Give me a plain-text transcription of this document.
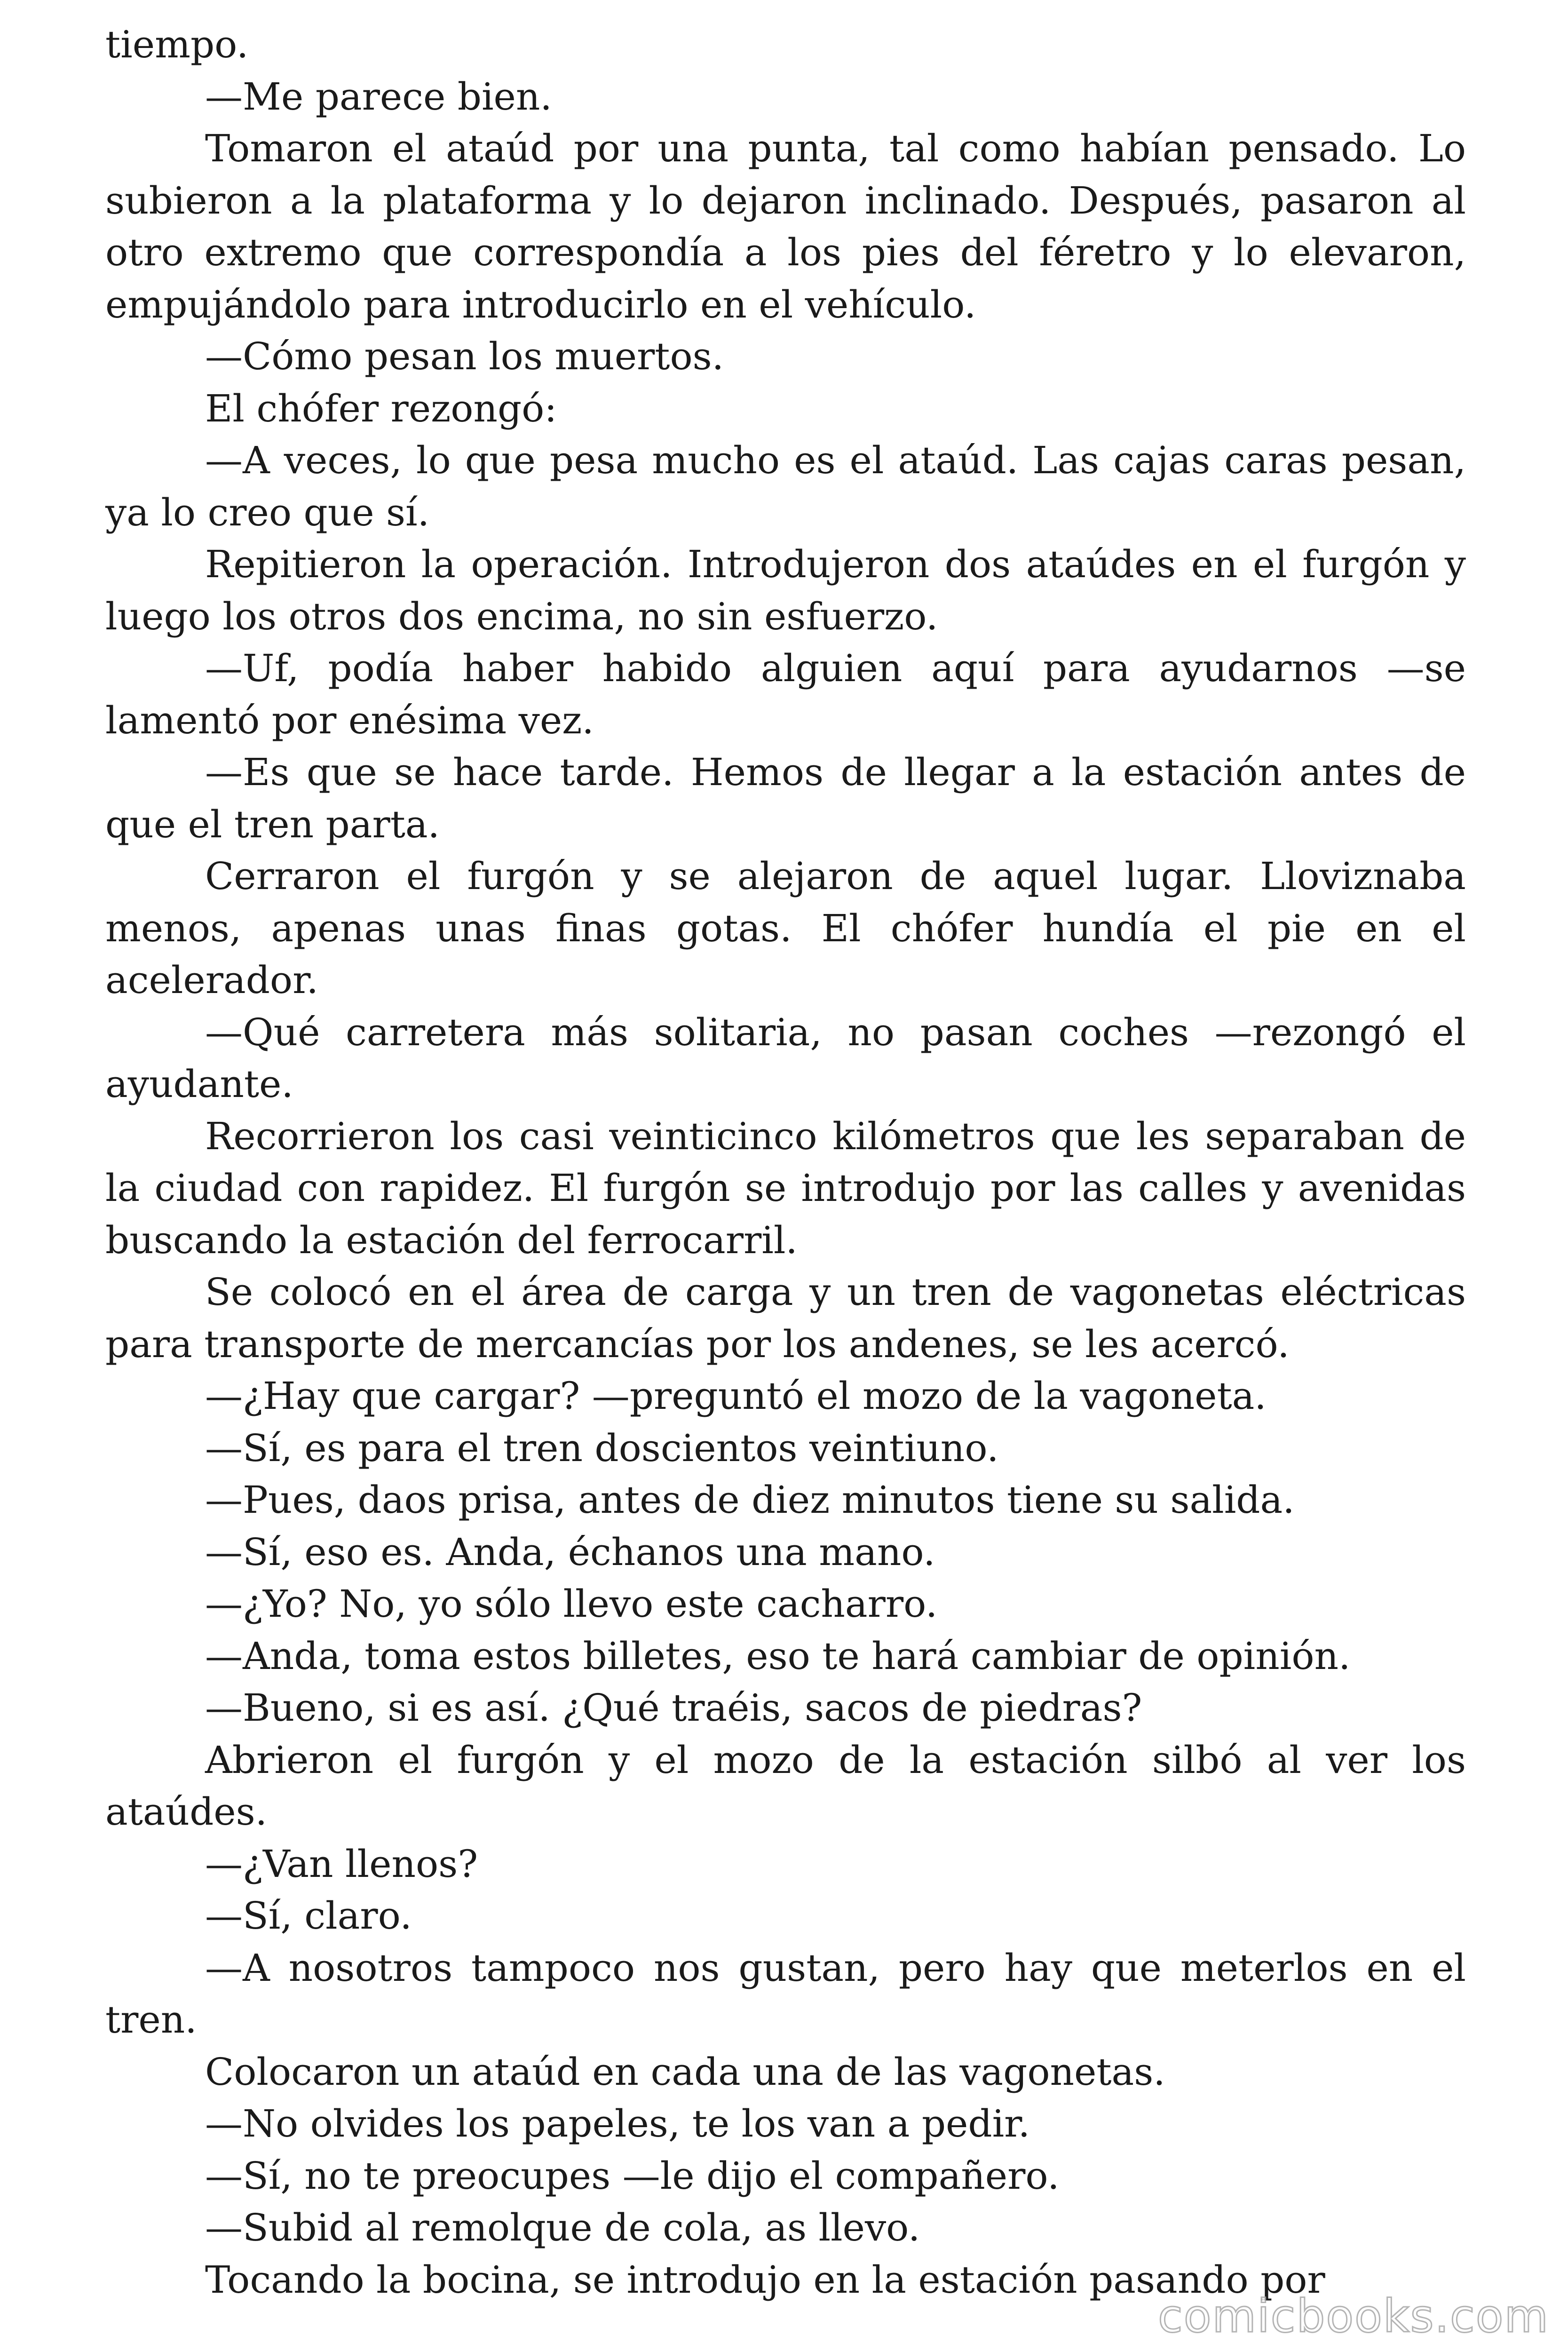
tiempo.

—Me parece bien.

Tomaron el ataúd por una punta, tal como habían pensado. Lo subieron a la plataforma y lo dejaron inclinado. Después, pasaron al otro extremo que correspondía a los pies del féretro y lo elevaron, empujándolo para introducirlo en el vehículo.

—Cómo pesan los muertos.

El chófer rezongó:

—A veces, lo que pesa mucho es el ataúd. Las cajas caras pesan, ya lo creo que sí.

Repitieron la operación. Introdujeron dos ataúdes en el furgón y luego los otros dos encima, no sin esfuerzo.

—Uf, podía haber habido alguien aquí para ayudarnos —se lamentó por enésima vez.

—Es que se hace tarde. Hemos de llegar a la estación antes de que el tren parta.

Cerraron el furgón y se alejaron de aquel lugar. Lloviznaba menos, apenas unas finas gotas. El chófer hundía el pie en el acelerador.

—Qué carretera más solitaria, no pasan coches —rezongó el ayudante.

Recorrieron los casi veinticinco kilómetros que les separaban de la ciudad con rapidez. El furgón se introdujo por las calles y avenidas buscando la estación del ferrocarril.

Se colocó en el área de carga y un tren de vagonetas eléctricas para transporte de mercancías por los andenes, se les acercó.

—¿Hay que cargar? —preguntó el mozo de la vagoneta.

—Sí, es para el tren doscientos veintiuno.

—Pues, daos prisa, antes de diez minutos tiene su salida.

—Sí, eso es. Anda, échanos una mano.

—¿Yo? No, yo sólo llevo este cacharro.

—Anda, toma estos billetes, eso te hará cambiar de opinión.

—Bueno, si es así. ¿Qué traéis, sacos de piedras?

Abrieron el furgón y el mozo de la estación silbó al ver los ataúdes.

—¿Van llenos?

—Sí, claro.

—A nosotros tampoco nos gustan, pero hay que meterlos en el tren.

Colocaron un ataúd en cada una de las vagonetas.

—No olvides los papeles, te los van a pedir.

—Sí, no te preocupes —le dijo el compañero.

—Subid al remolque de cola, as llevo.

Tocando la bocina, se introdujo en la estación pasando por

comicbooks.com
